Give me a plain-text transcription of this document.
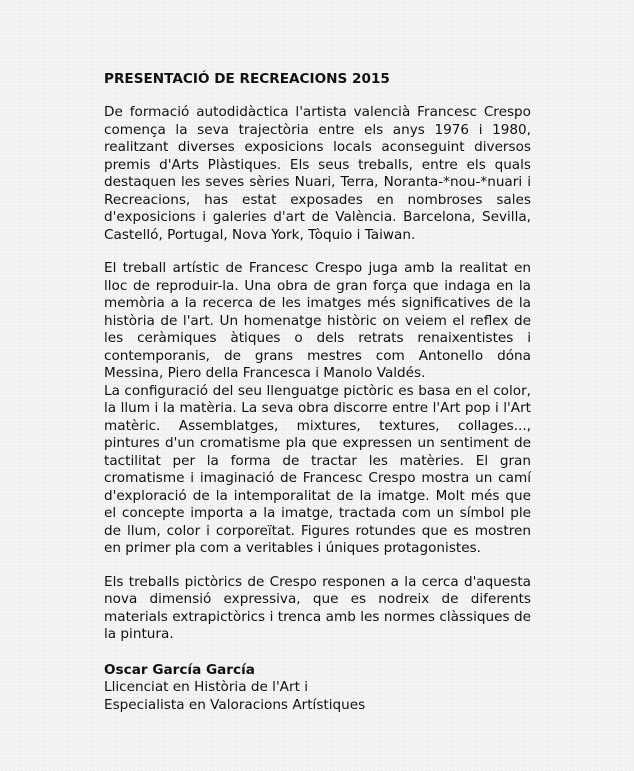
PRESENTACIÓ DE RECREACIONS 2015

De formació autodidàctica l'artista valencià Francesc Crespo comença la seva trajectòria entre els anys 1976 i 1980, realitzant diverses exposicions locals aconseguint diversos premis d'Arts Plàstiques. Els seus treballs, entre els quals destaquen les seves sèries Nuari, Terra, Noranta-*nou-*nuari i Recreacions, has estat exposades en nombroses sales d'exposicions i galeries d'art de València. Barcelona, Sevilla, Castelló, Portugal, Nova York, Tòquio i Taiwan.

El treball artístic de Francesc Crespo juga amb la realitat en lloc de reproduir-la. Una obra de gran força que indaga en la memòria a la recerca de les imatges més significatives de la història de l'art. Un homenatge històric on veiem el reflex de les ceràmiques àtiques o dels retrats renaixentistes i contemporanis, de grans mestres com Antonello dóna Messina, Piero della Francesca i Manolo Valdés.

La configuració del seu llenguatge pictòric es basa en el color, la llum i la matèria. La seva obra discorre entre l'Art pop i l'Art matèric. Assemblatges, mixtures, textures, collages..., pintures d'un cromatisme pla que expressen un sentiment de tactilitat per la forma de tractar les matèries. El gran cromatisme i imaginació de Francesc Crespo mostra un camí d'exploració de la intemporalitat de la imatge. Molt més que el concepte importa a la imatge, tractada com un símbol ple de llum, color i corporeïtat. Figures rotundes que es mostren en primer pla com a veritables i úniques protagonistes.

Els treballs pictòrics de Crespo responen a la cerca d'aquesta nova dimensió expressiva, que es nodreix de diferents materials extrapictòrics i trenca amb les normes clàssiques de la pintura.

Oscar García García
Llicenciat en Història de l'Art i
Especialista en Valoracions Artístiques
